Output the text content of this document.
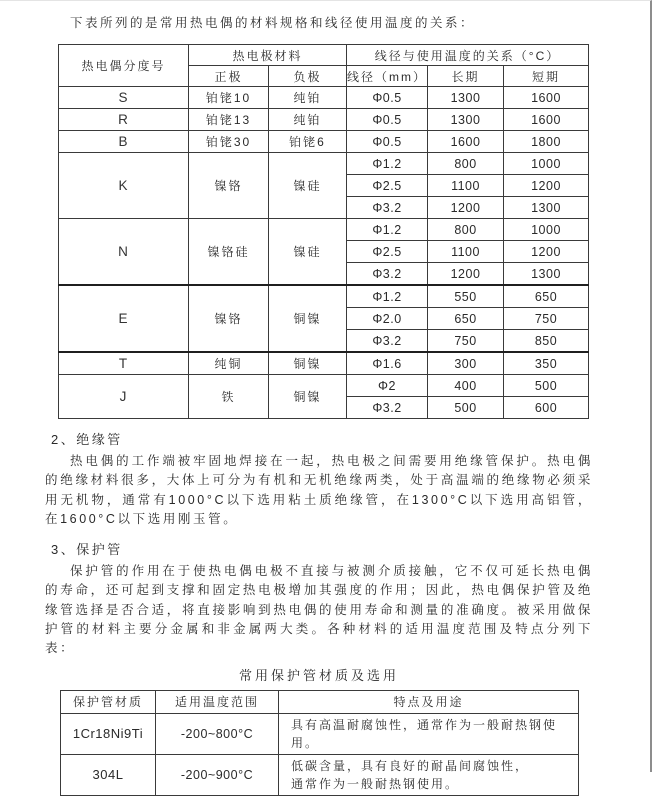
下表所列的是常用热电偶的材料规格和线径使用温度的关系：

热电偶分度号	热电极材料		线径与使用温度的关系（°C）		
	正极	负极	线径（mm）	长期	短期
S	铂铑10	纯铂	Φ0.5	1300	1600
R	铂铑13	纯铂	Φ0.5	1300	1600
B	铂铑30	铂铑6	Φ0.5	1600	1800
K	镍铬	镍硅	Φ1.2	800	1000
			Φ2.5	1100	1200
			Φ3.2	1200	1300
N	镍铬硅	镍硅	Φ1.2	800	1000
			Φ2.5	1100	1200
			Φ3.2	1200	1300
E	镍铬	铜镍	Φ1.2	550	650
			Φ2.0	650	750
			Φ3.2	750	850
T	纯铜	铜镍	Φ1.6	300	350
J	铁	铜镍	Φ2	400	500
			Φ3.2	500	600
2、绝缘管

热电偶的工作端被牢固地焊接在一起，热电极之间需要用绝缘管保护。热电偶的绝缘材料很多，大体上可分为有机和无机绝缘两类，处于高温端的绝缘物必须采用无机物，通常有1000°C以下选用粘土质绝缘管，在1300°C以下选用高铝管，在1600°C以下选用刚玉管。

3、保护管

保护管的作用在于使热电偶电极不直接与被测介质接触，它不仅可延长热电偶的寿命，还可起到支撑和固定热电极增加其强度的作用；因此，热电偶保护管及绝缘管选择是否合适，将直接影响到热电偶的使用寿命和测量的准确度。被采用做保护管的材料主要分金属和非金属两大类。各种材料的适用温度范围及特点分列下表：

常用保护管材质及选用
保护管材质	适用温度范围	特点及用途
1Cr18Ni9Ti	-200~800°C	具有高温耐腐蚀性，通常作为一般耐热钢使用。

304L	-200~900°C	低碳含量，具有良好的耐晶间腐蚀性，
通常作为一般耐热钢使用。
